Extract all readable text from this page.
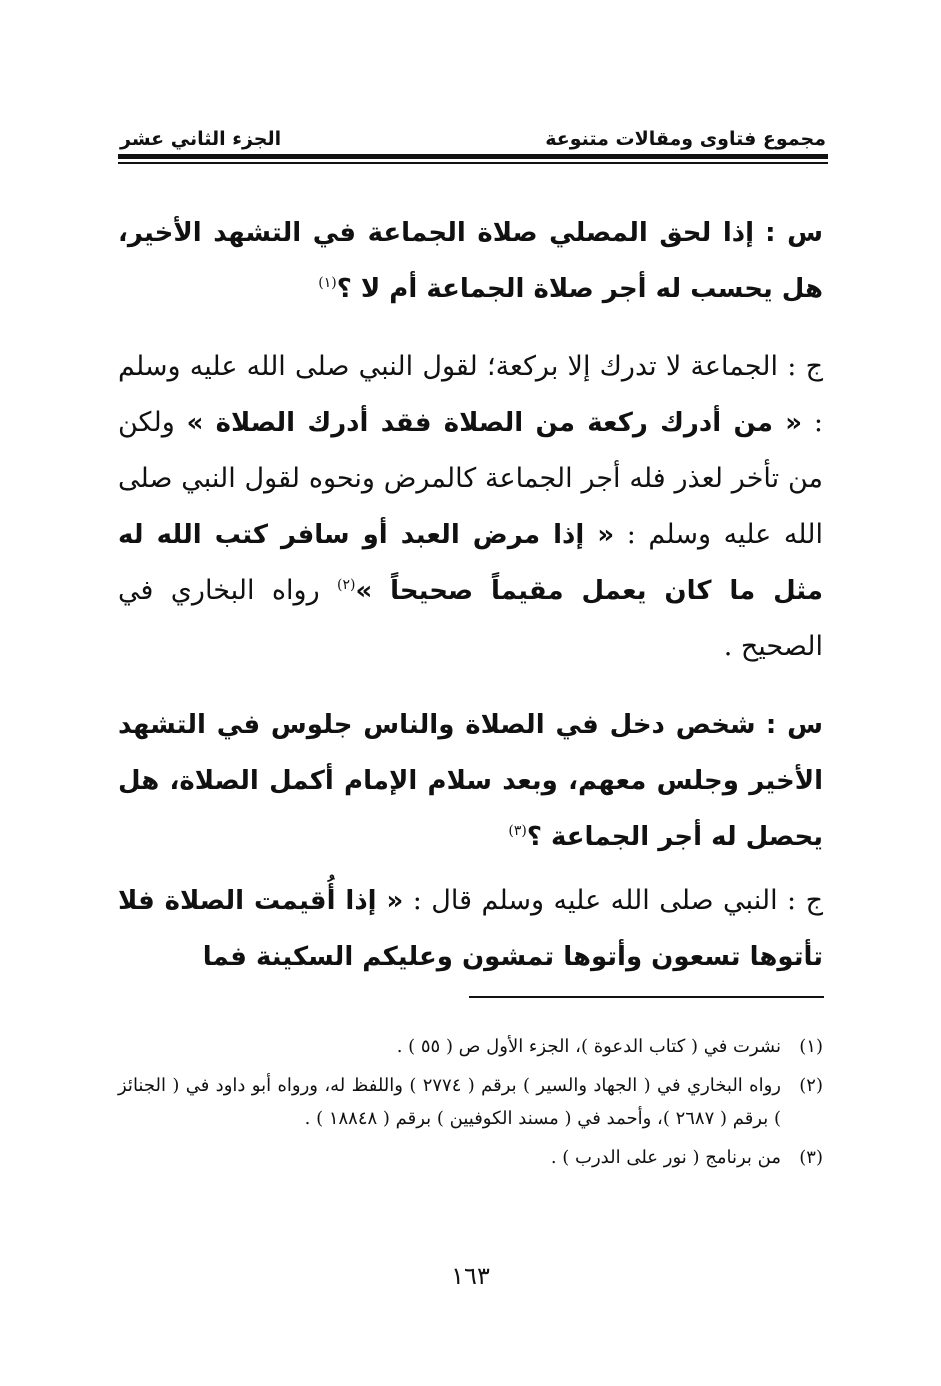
مجموع فتاوى ومقالات متنوعة
الجزء الثاني عشر

س : إذا لحق المصلي صلاة الجماعة في التشهد الأخير، هل يحسب له أجر صلاة الجماعة أم لا ؟$^{(١)}$

ج : الجماعة لا تدرك إلا بركعة؛ لقول النبي صلى الله عليه وسلم : « من أدرك ركعة من الصلاة فقد أدرك الصلاة » ولكن من تأخر لعذر فله أجر الجماعة كالمرض ونحوه لقول النبي صلى الله عليه وسلم : « إذا مرض العبد أو سافر كتب الله له مثل ما كان يعمل مقيماً صحيحاً »$^{(٢)}$ رواه البخاري في الصحيح .

س : شخص دخل في الصلاة والناس جلوس في التشهد الأخير وجلس معهم، وبعد سلام الإمام أكمل الصلاة، هل يحصل له أجر الجماعة ؟$^{(٣)}$

ج : النبي صلى الله عليه وسلم قال : « إذا أُقيمت الصلاة فلا تأتوها تسعون وأتوها تمشون وعليكم السكينة فما

(١)
نشرت في ( كتاب الدعوة )، الجزء الأول ص ( ٥٥ ) .
(٢)
رواه البخاري في ( الجهاد والسير ) برقم ( ٢٧٧٤ ) واللفظ له، ورواه أبو داود في ( الجنائز ) برقم ( ٢٦٨٧ )، وأحمد في ( مسند الكوفيين ) برقم ( ١٨٨٤٨ ) .
(٣)
من برنامج ( نور على الدرب ) .
١٦٣
